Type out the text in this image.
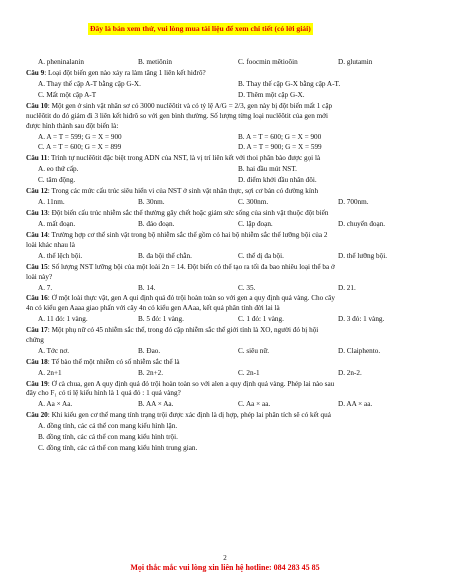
Đây là bản xem thử, vui lòng mua tài liệu để xem chi tiết (có lời giải)
A. pheninalanin	B. metiônin	C. foocmin mêtioõin	D. glutamin
Câu 9: Loại đột biến gen nào xảy ra làm tăng 1 liên kết hiđrô?
A. Thay thế cặp A-T bằng cặp G-X.	B. Thay thế cặp G-X bằng cặp A-T.
C. Mất một cặp A-T	D. Thêm một cặp G-X.
Câu 10: Một gen ở sinh vật nhân sơ có 3000 nuclêôtit và có tỷ lệ A/G = 2/3, gen này bị đột biến mất 1 cặp
nuclêôtit do đó giảm đi 3 liên kết hiđrô so với gen bình thường. Số lượng từng loại nuclêôtit của gen mới
được hình thành sau đột biến là:
A. A = T = 599; G = X = 900	B. A = T = 600; G = X = 900
C. A = T = 600; G = X = 899	D. A = T = 900; G = X = 599
Câu 11: Trình tự nuclêôtit đặc biệt trong ADN của NST, là vị trí liên kết với thoi phân bào được gọi là
A. eo thứ cấp.	B. hai đầu mút NST.
C. tâm động.	D. điểm khởi đầu nhân đôi.
Câu 12: Trong các mức cấu trúc siêu hiển vi của NST ở sinh vật nhân thực, sợi cơ bản có đường kính
A. 11nm.	B. 30nm.	C. 300nm.	D. 700nm.
Câu 13: Đột biến cấu trúc nhiễm sắc thể thường gây chết hoặc giảm sức sống của sinh vật thuộc đột biến
A. mất đoạn.	B. đảo đoạn.	C. lặp đoạn.	D. chuyển đoạn.
Câu 14: Trường hợp cơ thể sinh vật trong bộ nhiễm sắc thể gồm có hai bộ nhiễm sắc thể lưỡng bội của 2
loài khác nhau là
A. thể lệch bội.	B. đa bội thể chẵn.	C. thể dị đa bội.	D. thể lưỡng bội.
Câu 15: Số lượng NST lưỡng bội của một loài 2n = 14. Đột biến có thể tạo ra tối đa bao nhiêu loại thể ba ở
loài này?
A. 7.	B. 14.	C. 35.	D. 21.
Câu 16: Ở một loài thực vật, gen A qui định quả đỏ trội hoàn toàn so với gen a quy định quả vàng. Cho cây
4n có kiểu gen Aaaa giao phấn với cây 4n có kiểu gen AAaa, kết quả phân tính đời lai là
A. 11 đỏ: 1 vàng.	B. 5 đỏ: 1 vàng.	C. 1 đỏ: 1 vàng.	D. 3 đỏ: 1 vàng.
Câu 17: Một phụ nữ có 45 nhiễm sắc thể, trong đó cặp nhiễm sắc thể giới tính là XO, người đó bị hội
chứng
A. Tớc nơ.	B. Đao.	C. siêu nữ.	D. Claiphento.
Câu 18: Tế bào thể một nhiễm có số nhiễm sắc thể là
A. 2n+1	B. 2n+2.	C. 2n-1	D. 2n-2.
Câu 19: Ở cà chua, gen A quy định quả đỏ trội hoàn toàn so với alen a quy định quả vàng. Phép lai nào sau
đây cho F₁ có tỉ lệ kiểu hình là 1 quả đỏ : 1 quả vàng?
A. Aa × Aa.	B. AA × Aa.	C. Aa × aa.	D. AA × aa.
Câu 20: Khi kiểu gen cơ thể mang tính trạng trội được xác định là dị hợp, phép lai phân tích sẽ có kết quả
A. đồng tính, các cá thể con mang kiểu hình lặn.
B. đồng tính, các cá thể con mang kiểu hình trội.
C. đồng tính, các cá thể con mang kiểu hình trung gian.
2
Mọi thắc mắc vui lòng xin liên hệ hotline: 084 283 45 85
